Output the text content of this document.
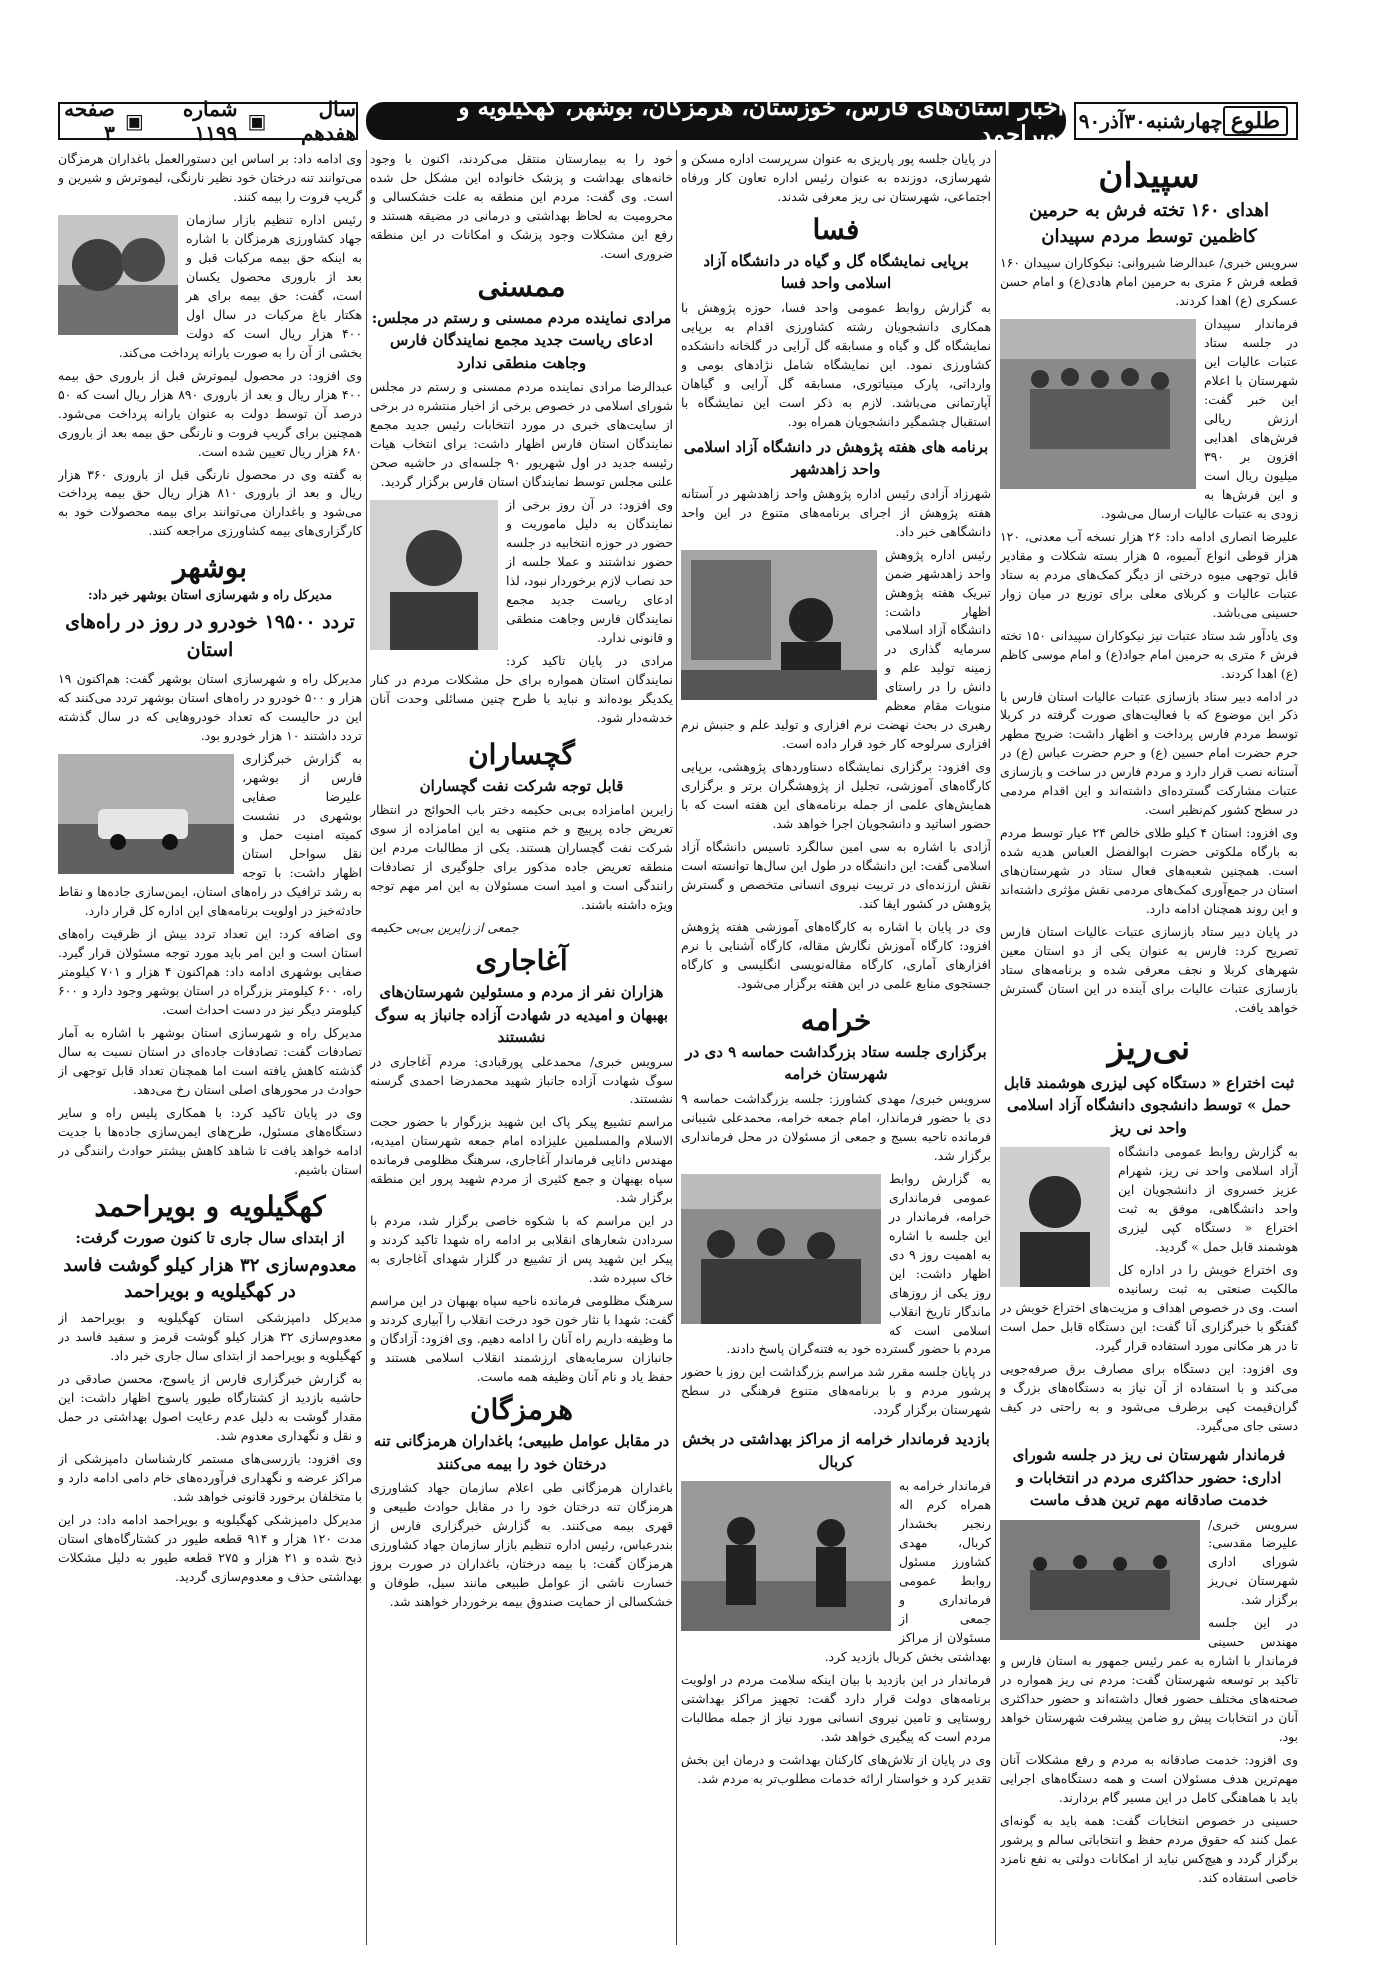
طلوع
چهارشنبه
۳۰
آذر
۹۰
اخبار استان‌های فارس، خوزستان، هرمزگان، بوشهر، کهگیلویه و بویراحمد
سال هفدهم
▣
شماره ۱۱۹۹
▣
صفحه ۳
سپیدان
اهدای ۱۶۰ تخته فرش به حرمین کاظمین توسط مردم سپیدان

سرویس خبری/ عبدالرضا شیروانی: نیکوکاران سپیدان ۱۶۰ قطعه فرش ۶ متری به حرمین امام هادی(ع) و امام حسن عسکری (ع) اهدا کردند.

فرماندار سپیدان در جلسه ستاد عتبات عالیات این شهرستان با اعلام این خبر گفت: ارزش ریالی فرش‌های اهدایی افزون بر ۳۹۰ میلیون ریال است و این فرش‌ها به زودی به عتبات عالیات ارسال می‌شود.

علیرضا انصاری ادامه داد: ۲۶ هزار نسخه آب معدنی، ۱۲۰ هزار قوطی انواع آبمیوه، ۵ هزار بسته شکلات و مقادیر قابل توجهی میوه درختی از دیگر کمک‌های مردم به ستاد عتبات عالیات و کربلای معلی برای توزیع در میان زوار حسینی می‌باشد.

وی یادآور شد ستاد عتبات نیز نیکوکاران سپیدانی ۱۵۰ تخته فرش ۶ متری به حرمین امام جواد(ع) و امام موسی کاظم (ع) اهدا کردند.

در ادامه دبیر ستاد بازسازی عتبات عالیات استان فارس با ذکر این موضوع که با فعالیت‌های صورت گرفته در کربلا توسط مردم فارس پرداخت و اظهار داشت: ضریح مطهر حرم حضرت امام حسین (ع) و حرم حضرت عباس (ع) در آستانه نصب قرار دارد و مردم فارس در ساخت و بازسازی عتبات مشارکت گسترده‌ای داشته‌اند و این اقدام مردمی در سطح کشور کم‌نظیر است.

وی افزود: استان ۴ کیلو طلای خالص ۲۴ عیار توسط مردم به بارگاه ملکوتی حضرت ابوالفضل العباس هدیه شده است. همچنین شعبه‌های فعال ستاد در شهرستان‌های استان در جمع‌آوری کمک‌های مردمی نقش مؤثری داشته‌اند و این روند همچنان ادامه دارد.

در پایان دبیر ستاد بازسازی عتبات عالیات استان فارس تصریح کرد: فارس به عنوان یکی از دو استان معین شهرهای کربلا و نجف معرفی شده و برنامه‌های ستاد بازسازی عتبات عالیات برای آینده در این استان گسترش خواهد یافت.

نی‌ریز
ثبت اختراع « دستگاه کپی لیزری هوشمند قابل حمل » توسط دانشجوی دانشگاه آزاد اسلامی واحد نی ریز

به گزارش روابط عمومی دانشگاه آزاد اسلامی واحد نی ریز، شهرام عزیز خسروی از دانشجویان این واحد دانشگاهی، موفق به ثبت اختراع « دستگاه کپی لیزری هوشمند قابل حمل » گردید.

وی اختراع خویش را در اداره کل مالکیت صنعتی به ثبت رسانیده است. وی در خصوص اهداف و مزیت‌های اختراع خویش در گفتگو با خبرگزاری آنا گفت: این دستگاه قابل حمل است تا در هر مکانی مورد استفاده قرار گیرد.

وی افزود: این دستگاه برای مصارف برق صرفه‌جویی می‌کند و با استفاده از آن نیاز به دستگاه‌های بزرگ و گران‌قیمت کپی برطرف می‌شود و به راحتی در کیف دستی جای می‌گیرد.

فرماندار شهرستان نی ریز در جلسه شورای اداری: حضور حداکثری مردم در انتخابات و خدمت صادقانه مهم ترین هدف ماست

سرویس خبری/ علیرضا مقدسی: شورای اداری شهرستان نی‌ریز برگزار شد.

در این جلسه مهندس حسینی فرماندار با اشاره به عمر رئیس جمهور به استان فارس و تاکید بر توسعه شهرستان گفت: مردم نی ریز همواره در صحنه‌های مختلف حضور فعال داشته‌اند و حضور حداکثری آنان در انتخابات پیش رو ضامن پیشرفت شهرستان خواهد بود.

وی افزود: خدمت صادقانه به مردم و رفع مشکلات آنان مهم‌ترین هدف مسئولان است و همه دستگاه‌های اجرایی باید با هماهنگی کامل در این مسیر گام بردارند.

حسینی در خصوص انتخابات گفت: همه باید به گونه‌ای عمل کنند که حقوق مردم حفظ و انتخاباتی سالم و پرشور برگزار گردد و هیچ‌کس نباید از امکانات دولتی به نفع نامزد خاصی استفاده کند.

در پایان جلسه پور پاریزی به عنوان سرپرست اداره مسکن و شهرسازی، دوزنده به عنوان رئیس اداره تعاون کار ورفاه اجتماعی، شهرستان نی ریز معرفی شدند.

فسا
برپایی نمایشگاه گل و گیاه در دانشگاه آزاد اسلامی واحد فسا

به گزارش روابط عمومی واحد فسا، حوزه پژوهش با همکاری دانشجویان رشته کشاورزی اقدام به برپایی نمایشگاه گل و گیاه و مسابقه گل آرایی در گلخانه دانشکده کشاورزی نمود. این نمایشگاه شامل نژادهای بومی و وارداتی، پارک مینیاتوری، مسابقه گل آرایی و گیاهان آپارتمانی می‌باشد. لازم به ذکر است این نمایشگاه با استقبال چشمگیر دانشجویان همراه بود.

برنامه های هفته پژوهش در دانشگاه آزاد اسلامی واحد زاهدشهر

شهرزاد آزادی رئیس اداره پژوهش واحد زاهدشهر در آستانه هفته پژوهش از اجرای برنامه‌های متنوع در این واحد دانشگاهی خبر داد.

رئیس اداره پژوهش واحد زاهدشهر ضمن تبریک هفته پژوهش اظهار داشت: دانشگاه آزاد اسلامی سرمایه گذاری در زمینه تولید علم و دانش را در راستای منویات مقام معظم رهبری در بحث نهضت نرم افزاری و تولید علم و جنبش نرم افزاری سرلوحه کار خود قرار داده است.

وی افزود: برگزاری نمایشگاه دستاوردهای پژوهشی، برپایی کارگاه‌های آموزشی، تجلیل از پژوهشگران برتر و برگزاری همایش‌های علمی از جمله برنامه‌های این هفته است که با حضور اساتید و دانشجویان اجرا خواهد شد.

آزادی با اشاره به سی امین سالگرد تاسیس دانشگاه آزاد اسلامی گفت: این دانشگاه در طول این سال‌ها توانسته است نقش ارزنده‌ای در تربیت نیروی انسانی متخصص و گسترش پژوهش در کشور ایفا کند.

وی در پایان با اشاره به کارگاه‌های آموزشی هفته پژوهش افزود: کارگاه آموزش نگارش مقاله، کارگاه آشنایی با نرم افزارهای آماری، کارگاه مقاله‌نویسی انگلیسی و کارگاه جستجوی منابع علمی در این هفته برگزار می‌شود.

خرامه
برگزاری جلسه ستاد بزرگداشت حماسه ۹ دی در شهرستان خرامه

سرویس خبری/ مهدی کشاورز: جلسه بزرگداشت حماسه ۹ دی با حضور فرماندار، امام جمعه خرامه، محمدعلی شیبانی فرمانده ناحیه بسیج و جمعی از مسئولان در محل فرمانداری برگزار شد.

به گزارش روابط عمومی فرمانداری خرامه، فرماندار در این جلسه با اشاره به اهمیت روز ۹ دی اظهار داشت: این روز یکی از روزهای ماندگار تاریخ انقلاب اسلامی است که مردم با حضور گسترده خود به فتنه‌گران پاسخ دادند.

در پایان جلسه مقرر شد مراسم بزرگداشت این روز با حضور پرشور مردم و با برنامه‌های متنوع فرهنگی در سطح شهرستان برگزار گردد.

بازدید فرماندار خرامه از مراکز بهداشتی در بخش کربال

فرماندار خرامه به همراه کرم اله رنجبر بخشدار کربال، مهدی کشاورز مسئول روابط عمومی فرمانداری و جمعی از مسئولان از مراکز بهداشتی بخش کربال بازدید کرد.

فرماندار در این بازدید با بیان اینکه سلامت مردم در اولویت برنامه‌های دولت قرار دارد گفت: تجهیز مراکز بهداشتی روستایی و تامین نیروی انسانی مورد نیاز از جمله مطالبات مردم است که پیگیری خواهد شد.

وی در پایان از تلاش‌های کارکنان بهداشت و درمان این بخش تقدیر کرد و خواستار ارائه خدمات مطلوب‌تر به مردم شد.

خود را به بیمارستان منتقل می‌کردند، اکنون با وجود خانه‌های بهداشت و پزشک خانواده این مشکل حل شده است. وی گفت: مردم این منطقه به علت خشکسالی و محرومیت به لحاظ بهداشتی و درمانی در مضیقه هستند و رفع این مشکلات وجود پزشک و امکانات در این منطقه ضروری است.

ممسنی
مرادی نماینده مردم ممسنی و رستم در مجلس: ادعای ریاست جدید مجمع نمایندگان فارس وجاهت منطقی ندارد

عبدالرضا مرادی نماینده مردم ممسنی و رستم در مجلس شورای اسلامی در خصوص برخی از اخبار منتشره در برخی از سایت‌های خبری در مورد انتخابات رئیس جدید مجمع نمایندگان استان فارس اظهار داشت: برای انتخاب هیات رئیسه جدید در اول شهریور ۹۰ جلسه‌ای در حاشیه صحن علنی مجلس توسط نمایندگان استان فارس برگزار گردید.

وی افزود: در آن روز برخی از نمایندگان به دلیل ماموریت و حضور در حوزه انتخابیه در جلسه حضور نداشتند و عملا جلسه از حد نصاب لازم برخوردار نبود، لذا ادعای ریاست جدید مجمع نمایندگان فارس وجاهت منطقی و قانونی ندارد.

مرادی در پایان تاکید کرد: نمایندگان استان همواره برای حل مشکلات مردم در کنار یکدیگر بوده‌اند و نباید با طرح چنین مسائلی وحدت آنان خدشه‌دار شود.

گچساران
قابل توجه شرکت نفت گچساران

زایرین امامزاده بی‌بی حکیمه دختر باب الحوائج در انتظار تعریض جاده پرپیچ و خم منتهی به این امامزاده از سوی شرکت نفت گچساران هستند. یکی از مطالبات مردم این منطقه تعریض جاده مذکور برای جلوگیری از تصادفات رانندگی است و امید است مسئولان به این امر مهم توجه ویژه داشته باشند.

جمعی از زایرین بی‌بی حکیمه

آغاجاری
هزاران نفر از مردم و مسئولین شهرستان‌های بهبهان و امیدیه در شهادت آزاده جانباز به سوگ نشستند

سرویس خبری/ محمدعلی پورقبادی: مردم آغاجاری در سوگ شهادت آزاده جانباز شهید محمدرضا احمدی گرسنه نشستند.

مراسم تشییع پیکر پاک این شهید بزرگوار با حضور حجت الاسلام والمسلمین علیزاده امام جمعه شهرستان امیدیه، مهندس دانایی فرماندار آغاجاری، سرهنگ مظلومی فرمانده سپاه بهبهان و جمع کثیری از مردم شهید پرور این منطقه برگزار شد.

در این مراسم که با شکوه خاصی برگزار شد، مردم با سردادن شعارهای انقلابی بر ادامه راه شهدا تاکید کردند و پیکر این شهید پس از تشییع در گلزار شهدای آغاجاری به خاک سپرده شد.

سرهنگ مظلومی فرمانده ناحیه سپاه بهبهان در این مراسم گفت: شهدا با نثار خون خود درخت انقلاب را آبیاری کردند و ما وظیفه داریم راه آنان را ادامه دهیم. وی افزود: آزادگان و جانبازان سرمایه‌های ارزشمند انقلاب اسلامی هستند و حفظ یاد و نام آنان وظیفه همه ماست.

هرمزگان
در مقابل عوامل طبیعی؛ باغداران هرمزگانی تنه درختان خود را بیمه می‌کنند

باغداران هرمزگانی طی اعلام سازمان جهاد کشاورزی هرمزگان تنه درختان خود را در مقابل حوادث طبیعی و قهری بیمه می‌کنند. به گزارش خبرگزاری فارس از بندرعباس، رئیس اداره تنظیم بازار سازمان جهاد کشاورزی هرمزگان گفت: با بیمه درختان، باغداران در صورت بروز خسارت ناشی از عوامل طبیعی مانند سیل، طوفان و خشکسالی از حمایت صندوق بیمه برخوردار خواهند شد.

وی ادامه داد: بر اساس این دستورالعمل باغداران هرمزگان می‌توانند تنه درختان خود نظیر نارنگی، لیموترش و شیرین و گریپ فروت را بیمه کنند.

رئیس اداره تنظیم بازار سازمان جهاد کشاورزی هرمزگان با اشاره به اینکه حق بیمه مرکبات قبل و بعد از باروری محصول یکسان است، گفت: حق بیمه برای هر هکتار باغ مرکبات در سال اول ۴۰۰ هزار ریال است که دولت بخشی از آن را به صورت یارانه پرداخت می‌کند.

وی افزود: در محصول لیموترش قبل از باروری حق بیمه ۴۰۰ هزار ریال و بعد از باروری ۸۹۰ هزار ریال است که ۵۰ درصد آن توسط دولت به عنوان یارانه پرداخت می‌شود. همچنین برای گریپ فروت و نارنگی حق بیمه بعد از باروری ۶۸۰ هزار ریال تعیین شده است.

به گفته وی در محصول نارنگی قبل از باروری ۳۶۰ هزار ریال و بعد از باروری ۸۱۰ هزار ریال حق بیمه پرداخت می‌شود و باغداران می‌توانند برای بیمه محصولات خود به کارگزاری‌های بیمه کشاورزی مراجعه کنند.

بوشهر
مدیرکل راه و شهرسازی استان بوشهر خبر داد:
تردد ۱۹۵۰۰ خودرو در روز در راه‌های استان

مدیرکل راه و شهرسازی استان بوشهر گفت: هم‌اکنون ۱۹ هزار و ۵۰۰ خودرو در راه‌های استان بوشهر تردد می‌کنند که این در حالیست که تعداد خودروهایی که در سال گذشته تردد داشتند ۱۰ هزار خودرو بود.

به گزارش خبرگزاری فارس از بوشهر، علیرضا صفایی بوشهری در نشست کمیته امنیت حمل و نقل سواحل استان اظهار داشت: با توجه به رشد ترافیک در راه‌های استان، ایمن‌سازی جاده‌ها و نقاط حادثه‌خیز در اولویت برنامه‌های این اداره کل قرار دارد.

وی اضافه کرد: این تعداد تردد بیش از ظرفیت راه‌های استان است و این امر باید مورد توجه مسئولان قرار گیرد. صفایی بوشهری ادامه داد: هم‌اکنون ۴ هزار و ۷۰۱ کیلومتر راه، ۶۰۰ کیلومتر بزرگراه در استان بوشهر وجود دارد و ۶۰۰ کیلومتر دیگر نیز در دست احداث است.

مدیرکل راه و شهرسازی استان بوشهر با اشاره به آمار تصادفات گفت: تصادفات جاده‌ای در استان نسبت به سال گذشته کاهش یافته است اما همچنان تعداد قابل توجهی از حوادث در محورهای اصلی استان رخ می‌دهد.

وی در پایان تاکید کرد: با همکاری پلیس راه و سایر دستگاه‌های مسئول، طرح‌های ایمن‌سازی جاده‌ها با جدیت ادامه خواهد یافت تا شاهد کاهش بیشتر حوادث رانندگی در استان باشیم.

کهگیلویه و بویراحمد
از ابتدای سال جاری تا کنون صورت گرفت:
معدوم‌سازی ۳۲ هزار کیلو گوشت فاسد در کهگیلویه و بویراحمد

مدیرکل دامپزشکی استان کهگیلویه و بویراحمد از معدوم‌سازی ۳۲ هزار کیلو گوشت قرمز و سفید فاسد در کهگیلویه و بویراحمد از ابتدای سال جاری خبر داد.

به گزارش خبرگزاری فارس از یاسوج، محسن صادقی در حاشیه بازدید از کشتارگاه طیور یاسوج اظهار داشت: این مقدار گوشت به دلیل عدم رعایت اصول بهداشتی در حمل و نقل و نگهداری معدوم شد.

وی افزود: بازرسی‌های مستمر کارشناسان دامپزشکی از مراکز عرضه و نگهداری فرآورده‌های خام دامی ادامه دارد و با متخلفان برخورد قانونی خواهد شد.

مدیرکل دامپزشکی کهگیلویه و بویراحمد ادامه داد: در این مدت ۱۲۰ هزار و ۹۱۴ قطعه طیور در کشتارگاه‌های استان ذبح شده و ۲۱ هزار و ۲۷۵ قطعه طیور به دلیل مشکلات بهداشتی حذف و معدوم‌سازی گردید.
